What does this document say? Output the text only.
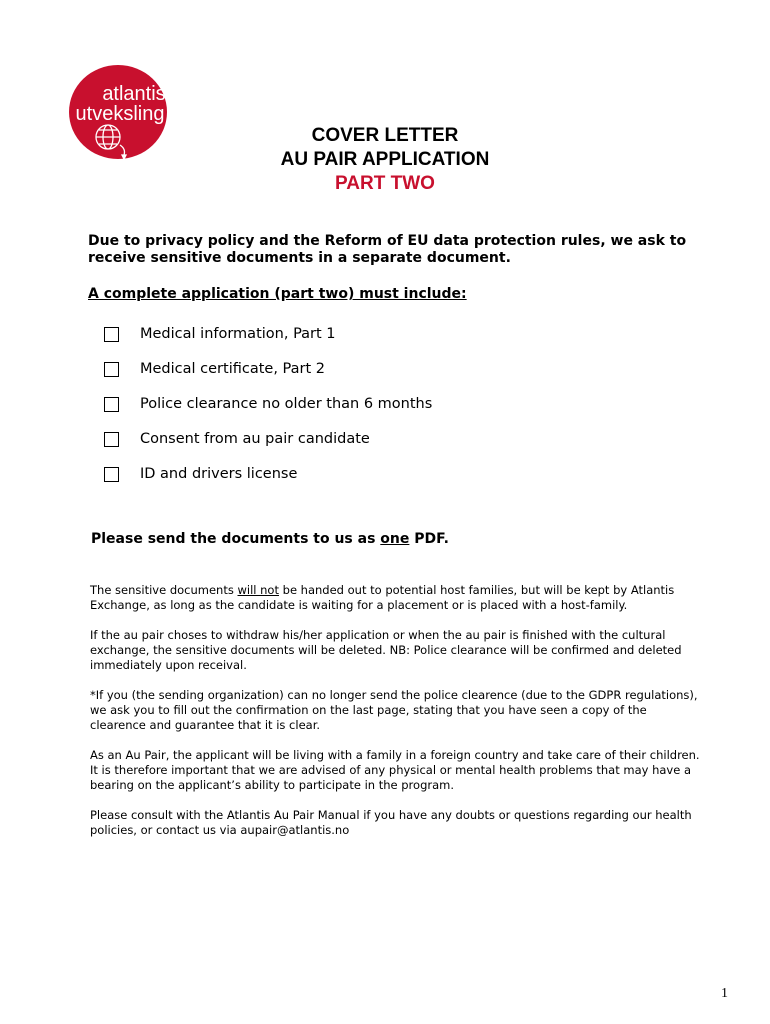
atlantis
utveksling
COVER LETTER
AU PAIR APPLICATION
PART TWO
Due to privacy policy and the Reform of EU data protection rules, we ask to receive sensitive documents in a separate document.
A complete application (part two) must include:
Medical information, Part 1
Medical certificate, Part 2
Police clearance no older than 6 months
Consent from au pair candidate
ID and drivers license
Please send the documents to us as one PDF.

The sensitive documents will not be handed out to potential host families, but will be kept by Atlantis Exchange, as long as the candidate is waiting for a placement or is placed with a host-family.

If the au pair choses to withdraw his/her application or when the au pair is finished with the cultural exchange, the sensitive documents will be deleted. NB: Police clearance will be confirmed and deleted immediately upon receival.

*If you (the sending organization) can no longer send the police clearence (due to the GDPR regulations), we ask you to fill out the confirmation on the last page, stating that you have seen a copy of the clearence and guarantee that it is clear.

As an Au Pair, the applicant will be living with a family in a foreign country and take care of their children. It is therefore important that we are advised of any physical or mental health problems that may have a bearing on the applicant’s ability to participate in the program.

Please consult with the Atlantis Au Pair Manual if you have any doubts or questions regarding our health policies, or contact us via aupair@atlantis.no

1
